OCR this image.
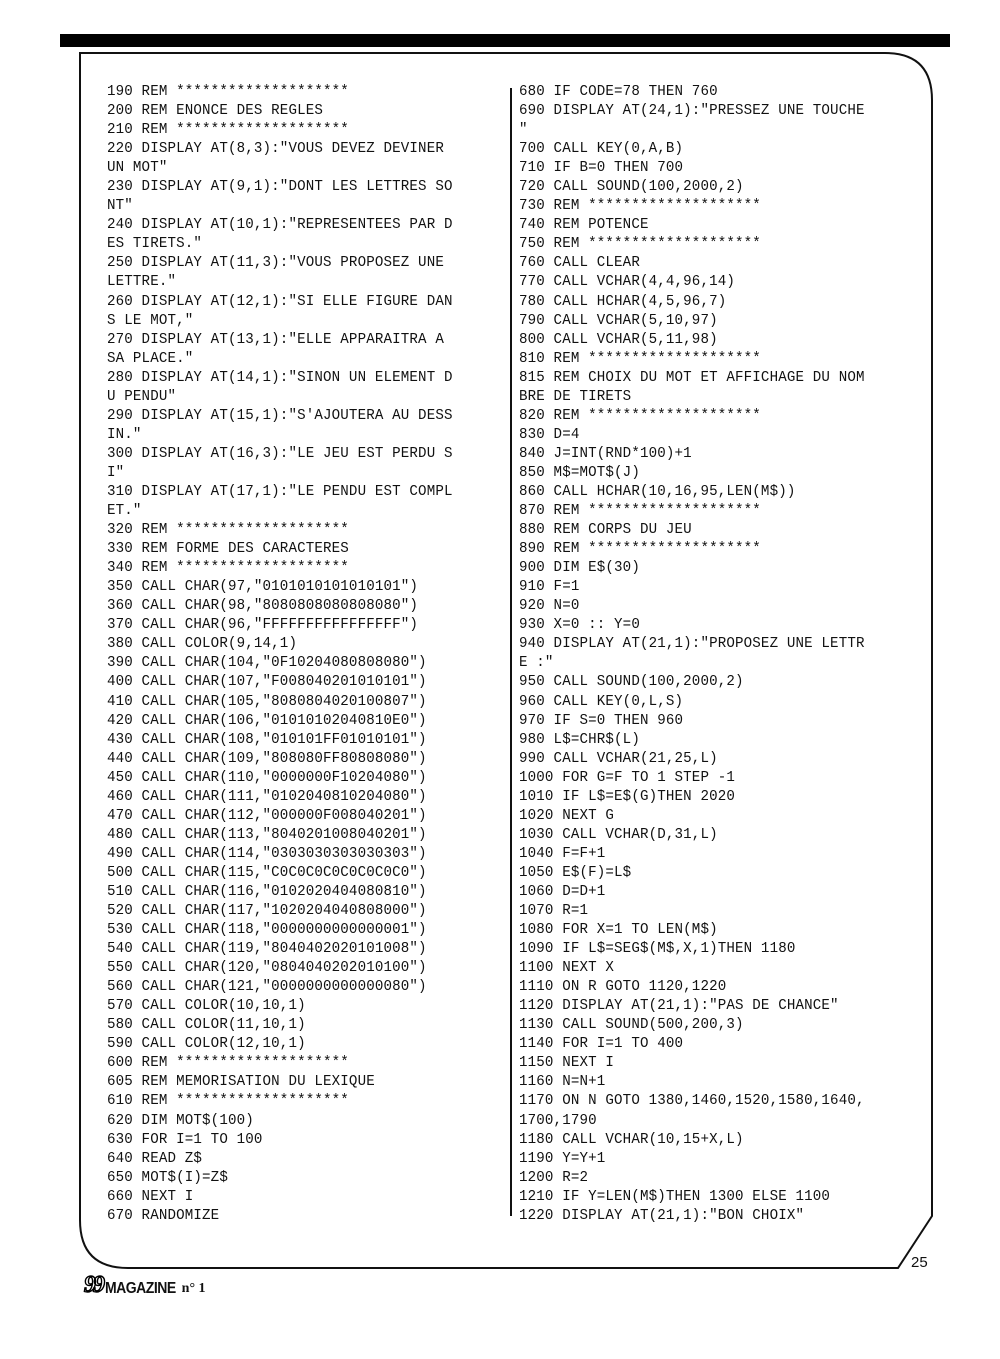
190 REM ********************
200 REM ENONCE DES REGLES
210 REM ********************
220 DISPLAY AT(8,3):"VOUS DEVEZ DEVINER
UN MOT"
230 DISPLAY AT(9,1):"DONT LES LETTRES SO
NT"
240 DISPLAY AT(10,1):"REPRESENTEES PAR D
ES TIRETS."
250 DISPLAY AT(11,3):"VOUS PROPOSEZ UNE
LETTRE."
260 DISPLAY AT(12,1):"SI ELLE FIGURE DAN
S LE MOT,"
270 DISPLAY AT(13,1):"ELLE APPARAITRA A
SA PLACE."
280 DISPLAY AT(14,1):"SINON UN ELEMENT D
U PENDU"
290 DISPLAY AT(15,1):"S'AJOUTERA AU DESS
IN."
300 DISPLAY AT(16,3):"LE JEU EST PERDU S
I"
310 DISPLAY AT(17,1):"LE PENDU EST COMPL
ET."
320 REM ********************
330 REM FORME DES CARACTERES
340 REM ********************
350 CALL CHAR(97,"0101010101010101")
360 CALL CHAR(98,"8080808080808080")
370 CALL CHAR(96,"FFFFFFFFFFFFFFFF")
380 CALL COLOR(9,14,1)
390 CALL CHAR(104,"0F10204080808080")
400 CALL CHAR(107,"F008040201010101")
410 CALL CHAR(105,"8080804020100807")
420 CALL CHAR(106,"01010102040810E0")
430 CALL CHAR(108,"010101FF01010101")
440 CALL CHAR(109,"808080FF80808080")
450 CALL CHAR(110,"0000000F10204080")
460 CALL CHAR(111,"0102040810204080")
470 CALL CHAR(112,"000000F008040201")
480 CALL CHAR(113,"8040201008040201")
490 CALL CHAR(114,"0303030303030303")
500 CALL CHAR(115,"C0C0C0C0C0C0C0C0")
510 CALL CHAR(116,"0102020404080810")
520 CALL CHAR(117,"1020204040808000")
530 CALL CHAR(118,"0000000000000001")
540 CALL CHAR(119,"8040402020101008")
550 CALL CHAR(120,"0804040202010100")
560 CALL CHAR(121,"0000000000000080")
570 CALL COLOR(10,10,1)
580 CALL COLOR(11,10,1)
590 CALL COLOR(12,10,1)
600 REM ********************
605 REM MEMORISATION DU LEXIQUE
610 REM ********************
620 DIM MOT$(100)
630 FOR I=1 TO 100
640 READ Z$
650 MOT$(I)=Z$
660 NEXT I
670 RANDOMIZE
680 IF CODE=78 THEN 760
690 DISPLAY AT(24,1):"PRESSEZ UNE TOUCHE
"
700 CALL KEY(0,A,B)
710 IF B=0 THEN 700
720 CALL SOUND(100,2000,2)
730 REM ********************
740 REM POTENCE
750 REM ********************
760 CALL CLEAR
770 CALL VCHAR(4,4,96,14)
780 CALL HCHAR(4,5,96,7)
790 CALL VCHAR(5,10,97)
800 CALL VCHAR(5,11,98)
810 REM ********************
815 REM CHOIX DU MOT ET AFFICHAGE DU NOM
BRE DE TIRETS
820 REM ********************
830 D=4
840 J=INT(RND*100)+1
850 M$=MOT$(J)
860 CALL HCHAR(10,16,95,LEN(M$))
870 REM ********************
880 REM CORPS DU JEU
890 REM ********************
900 DIM E$(30)
910 F=1
920 N=0
930 X=0 :: Y=0
940 DISPLAY AT(21,1):"PROPOSEZ UNE LETTR
E :"
950 CALL SOUND(100,2000,2)
960 CALL KEY(0,L,S)
970 IF S=0 THEN 960
980 L$=CHR$(L)
990 CALL VCHAR(21,25,L)
1000 FOR G=F TO 1 STEP -1
1010 IF L$=E$(G)THEN 2020
1020 NEXT G
1030 CALL VCHAR(D,31,L)
1040 F=F+1
1050 E$(F)=L$
1060 D=D+1
1070 R=1
1080 FOR X=1 TO LEN(M$)
1090 IF L$=SEG$(M$,X,1)THEN 1180
1100 NEXT X
1110 ON R GOTO 1120,1220
1120 DISPLAY AT(21,1):"PAS DE CHANCE"
1130 CALL SOUND(500,200,3)
1140 FOR I=1 TO 400
1150 NEXT I
1160 N=N+1
1170 ON N GOTO 1380,1460,1520,1580,1640,
1700,1790
1180 CALL VCHAR(10,15+X,L)
1190 Y=Y+1
1200 R=2
1210 IF Y=LEN(M$)THEN 1300 ELSE 1100
1220 DISPLAY AT(21,1):"BON CHOIX"
25
99 MAGAZINE n° 1
